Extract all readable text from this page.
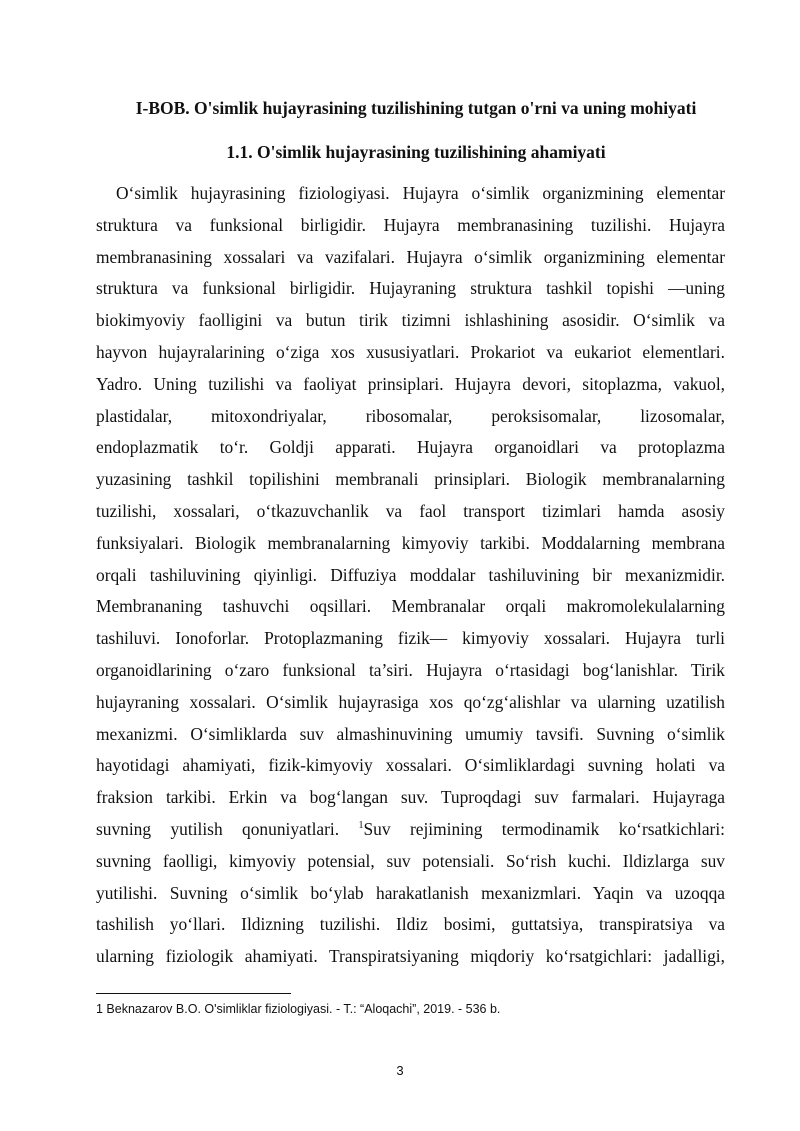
I-BOB. O'simlik hujayrasining tuzilishining tutgan o'rni va uning mohiyati
1.1. O'simlik hujayrasining tuzilishining ahamiyati
O‘simlik hujayrasining fiziologiyasi. Hujayra o‘simlik organizmining elementar
struktura va funksional birligidir. Hujayra membranasining tuzilishi. Hujayra
membranasining xossalari va vazifalari. Hujayra o‘simlik organizmining elementar
struktura va funksional birligidir. Hujayraning struktura tashkil topishi —uning
biokimyoviy faolligini va butun tirik tizimni ishlashining asosidir. O‘simlik va
hayvon hujayralarining o‘ziga xos xususiyatlari. Prokariot va eukariot elementlari.
Yadro. Uning tuzilishi va faoliyat prinsiplari. Hujayra devori, sitoplazma, vakuol,
plastidalar, mitoxondriyalar, ribosomalar, peroksisomalar, lizosomalar,
endoplazmatik to‘r. Goldji apparati. Hujayra organoidlari va protoplazma
yuzasining tashkil topilishini membranali prinsiplari. Biologik membranalarning
tuzilishi, xossalari, o‘tkazuvchanlik va faol transport tizimlari hamda asosiy
funksiyalari. Biologik membranalarning kimyoviy tarkibi. Moddalarning membrana
orqali tashiluvining qiyinligi. Diffuziya moddalar tashiluvining bir mexanizmidir.
Membrananing tashuvchi oqsillari. Membranalar orqali makromolekulalarning
tashiluvi. Ionoforlar. Protoplazmaning fizik— kimyoviy xossalari. Hujayra turli
organoidlarining o‘zaro funksional ta’siri. Hujayra o‘rtasidagi bog‘lanishlar. Tirik
hujayraning xossalari. O‘simlik hujayrasiga xos qo‘zg‘alishlar va ularning uzatilish
mexanizmi. O‘simliklarda suv almashinuvining umumiy tavsifi. Suvning o‘simlik
hayotidagi ahamiyati, fizik-kimyoviy xossalari. O‘simliklardagi suvning holati va
fraksion tarkibi. Erkin va bog‘langan suv. Tuproqdagi suv farmalari. Hujayraga
suvning yutilish qonuniyatlari. $^1$Suv rejimining termodinamik ko‘rsatkichlari:
suvning faolligi, kimyoviy potensial, suv potensiali. So‘rish kuchi. Ildizlarga suv
yutilishi. Suvning o‘simlik bo‘ylab harakatlanish mexanizmlari. Yaqin va uzoqqa
tashilish yo‘llari. Ildizning tuzilishi. Ildiz bosimi, guttatsiya, transpiratsiya va
ularning fiziologik ahamiyati. Transpiratsiyaning miqdoriy ko‘rsatgichlari: jadalligi,
1 Beknazarov B.O. O'simliklar fiziologiyasi. - T.: “Aloqachi”, 2019. - 536 b.
3
